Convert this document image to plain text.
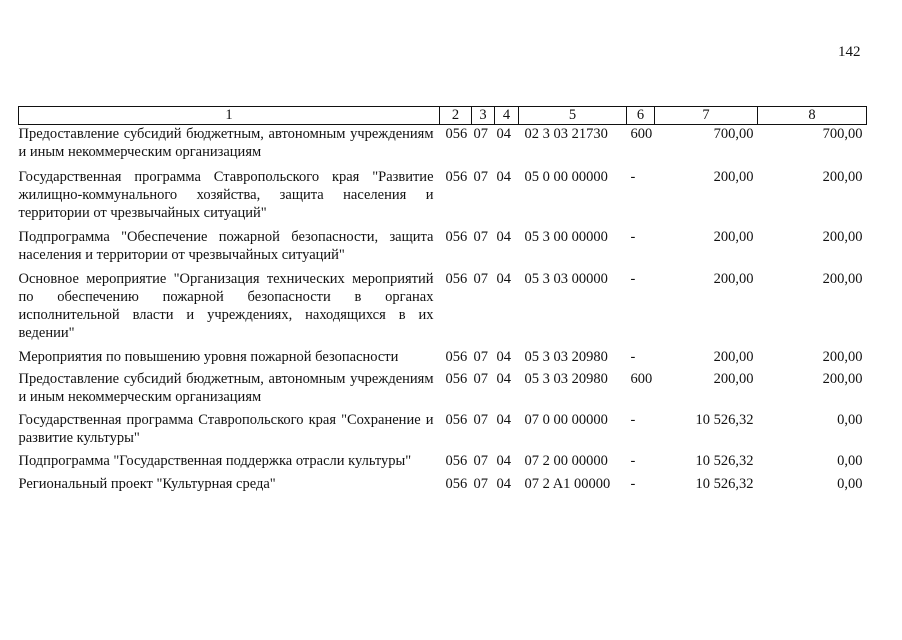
142
1	2	3	4	5	6	7	8
Предоставление субсидий бюджетным, автономным учреждениям и иным некоммерческим организациям	056	07	04	02 3 03 21730	600	700,00	700,00
Государственная программа Ставропольского края "Развитие жилищно-коммунального хозяйства, защита населения и территории от чрезвычайных ситуаций"	056	07	04	05 0 00 00000	-	200,00	200,00
Подпрограмма "Обеспечение пожарной безопасности, защита населения и территории от чрезвычайных ситуаций"	056	07	04	05 3 00 00000	-	200,00	200,00
Основное мероприятие "Организация технических мероприятий по обеспечению пожарной безопасности в органах исполнительной власти и учреждениях, находящихся в их ведении"	056	07	04	05 3 03 00000	-	200,00	200,00
Мероприятия по повышению уровня пожарной безопасности	056	07	04	05 3 03 20980	-	200,00	200,00
Предоставление субсидий бюджетным, автономным учреждениям и иным некоммерческим организациям	056	07	04	05 3 03 20980	600	200,00	200,00
Государственная программа Ставропольского края "Сохранение и развитие культуры"	056	07	04	07 0 00 00000	-	10 526,32	0,00
Подпрограмма "Государственная поддержка отрасли культуры"	056	07	04	07 2 00 00000	-	10 526,32	0,00
Региональный проект "Культурная среда"	056	07	04	07 2 A1 00000	-	10 526,32	0,00
